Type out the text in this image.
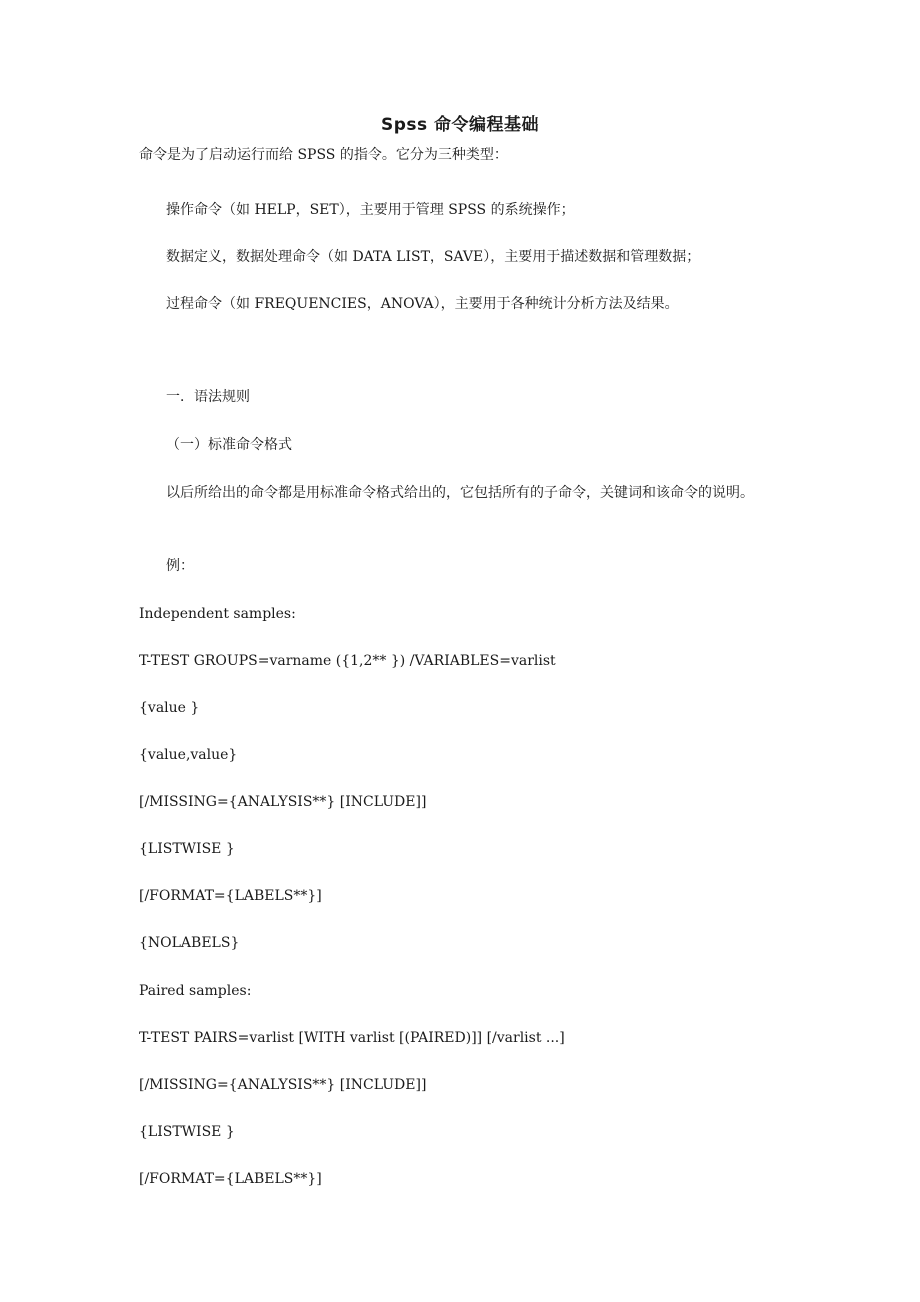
Spss 命令编程基础
命令是为了启动运行而给 SPSS 的指令。它分为三种类型：
操作命令（如 HELP，SET），主要用于管理 SPSS 的系统操作；
数据定义，数据处理命令（如 DATA LIST，SAVE），主要用于描述数据和管理数据；
过程命令（如 FREQUENCIES，ANOVA），主要用于各种统计分析方法及结果。
一．语法规则
（一）标准命令格式
以后所给出的命令都是用标准命令格式给出的，它包括所有的子命令，关键词和该命令的说明。
例：
Independent samples:
T-TEST GROUPS=varname ({1,2** }) /VARIABLES=varlist
{value }
{value,value}
[/MISSING={ANALYSIS**} [INCLUDE]]
{LISTWISE }
[/FORMAT={LABELS**}]
{NOLABELS}
Paired samples:
T-TEST PAIRS=varlist [WITH varlist [(PAIRED)]] [/varlist ...]
[/MISSING={ANALYSIS**} [INCLUDE]]
{LISTWISE }
[/FORMAT={LABELS**}]
